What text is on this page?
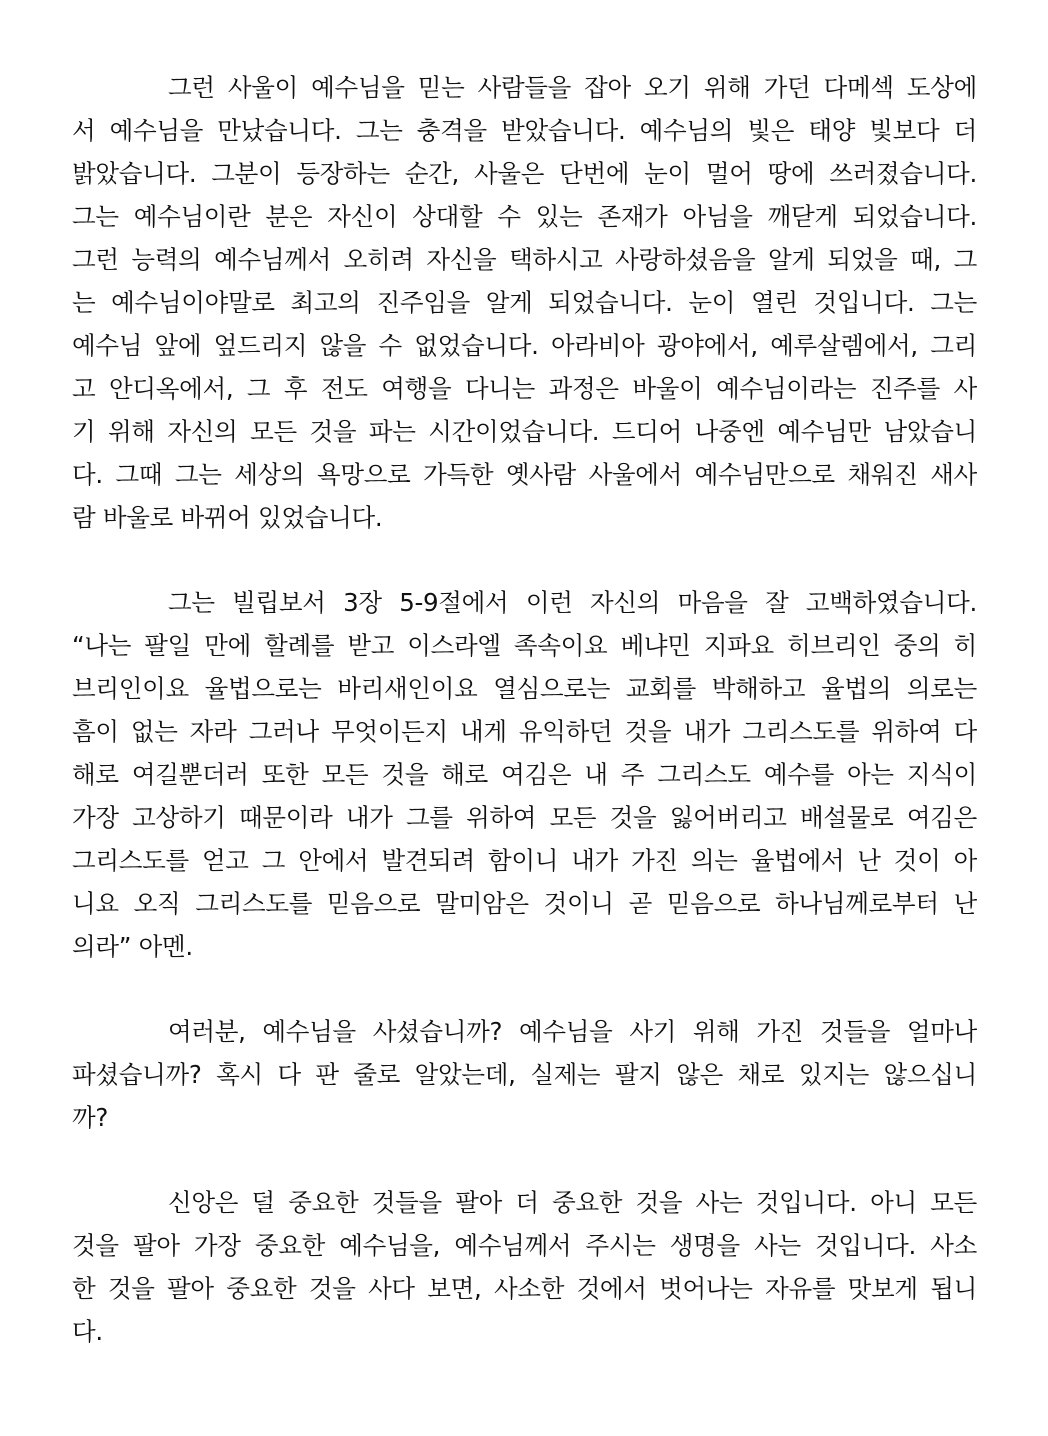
그런 사울이 예수님을 믿는 사람들을 잡아 오기 위해 가던 다메섹 도상에
서 예수님을 만났습니다. 그는 충격을 받았습니다. 예수님의 빛은 태양 빛보다 더
밝았습니다. 그분이 등장하는 순간, 사울은 단번에 눈이 멀어 땅에 쓰러졌습니다.
그는 예수님이란 분은 자신이 상대할 수 있는 존재가 아님을 깨닫게 되었습니다.
그런 능력의 예수님께서 오히려 자신을 택하시고 사랑하셨음을 알게 되었을 때, 그
는 예수님이야말로 최고의 진주임을 알게 되었습니다. 눈이 열린 것입니다. 그는
예수님 앞에 엎드리지 않을 수 없었습니다. 아라비아 광야에서, 예루살렘에서, 그리
고 안디옥에서, 그 후 전도 여행을 다니는 과정은 바울이 예수님이라는 진주를 사
기 위해 자신의 모든 것을 파는 시간이었습니다. 드디어 나중엔 예수님만 남았습니
다. 그때 그는 세상의 욕망으로 가득한 옛사람 사울에서 예수님만으로 채워진 새사
람 바울로 바뀌어 있었습니다.
그는 빌립보서 3장 5-9절에서 이런 자신의 마음을 잘 고백하였습니다.
“나는 팔일 만에 할례를 받고 이스라엘 족속이요 베냐민 지파요 히브리인 중의 히
브리인이요 율법으로는 바리새인이요 열심으로는 교회를 박해하고 율법의 의로는
흠이 없는 자라 그러나 무엇이든지 내게 유익하던 것을 내가 그리스도를 위하여 다
해로 여길뿐더러 또한 모든 것을 해로 여김은 내 주 그리스도 예수를 아는 지식이
가장 고상하기 때문이라 내가 그를 위하여 모든 것을 잃어버리고 배설물로 여김은
그리스도를 얻고 그 안에서 발견되려 함이니 내가 가진 의는 율법에서 난 것이 아
니요 오직 그리스도를 믿음으로 말미암은 것이니 곧 믿음으로 하나님께로부터 난
의라” 아멘.
여러분, 예수님을 사셨습니까? 예수님을 사기 위해 가진 것들을 얼마나
파셨습니까? 혹시 다 판 줄로 알았는데, 실제는 팔지 않은 채로 있지는 않으십니
까?
신앙은 덜 중요한 것들을 팔아 더 중요한 것을 사는 것입니다. 아니 모든
것을 팔아 가장 중요한 예수님을, 예수님께서 주시는 생명을 사는 것입니다. 사소
한 것을 팔아 중요한 것을 사다 보면, 사소한 것에서 벗어나는 자유를 맛보게 됩니
다.
